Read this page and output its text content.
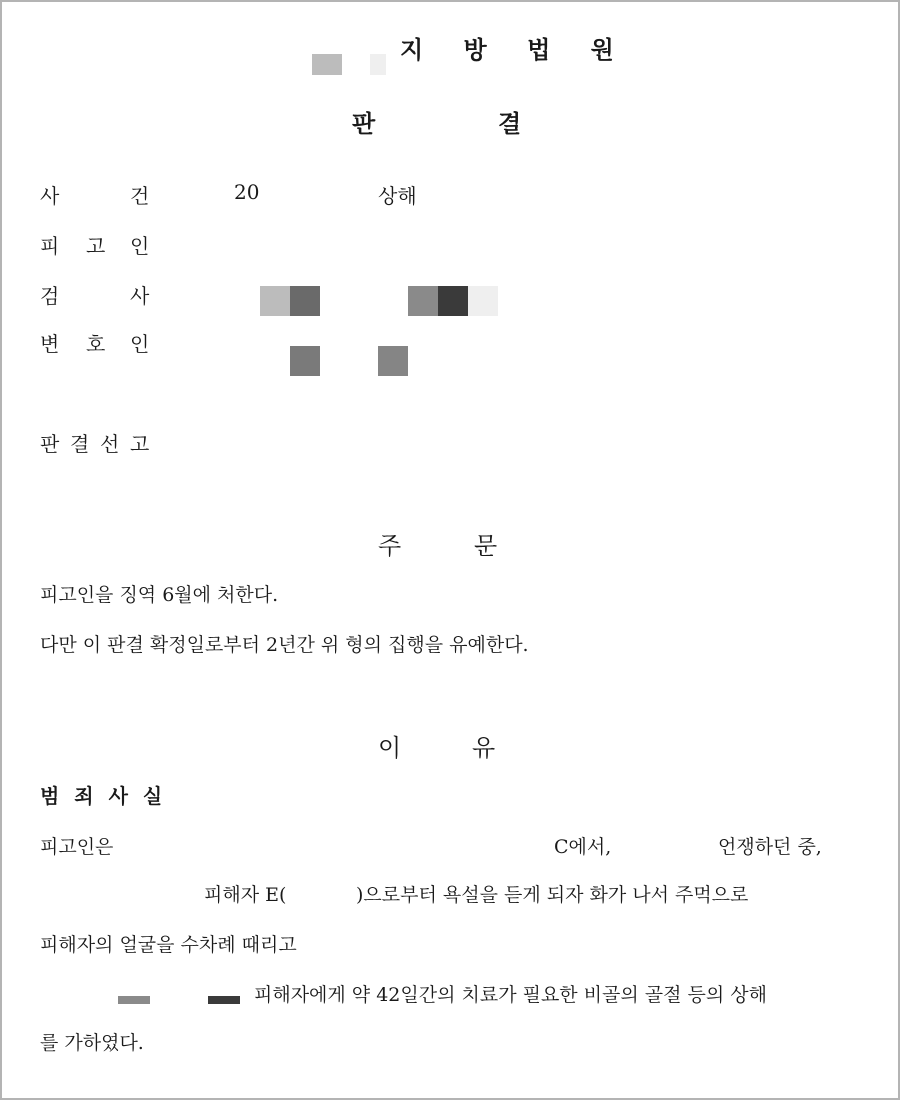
지 방 법 원
판	결
사	건	20	상해
피 고 인
검	사
변 호 인
판 결 선 고
주	문
피고인을 징역 6월에 처한다.
다만 이 판결 확정일로부터 2년간 위 형의 집행을 유예한다.
이	유
범 죄 사 실
피고인은	C에서,	언쟁하던 중,
피해자 E(	)으로부터 욕설을 듣게 되자 화가 나서 주먹으로
피해자의 얼굴을 수차례 때리고
피해자에게 약 42일간의 치료가 필요한 비골의 골절 등의 상해
를 가하였다.
